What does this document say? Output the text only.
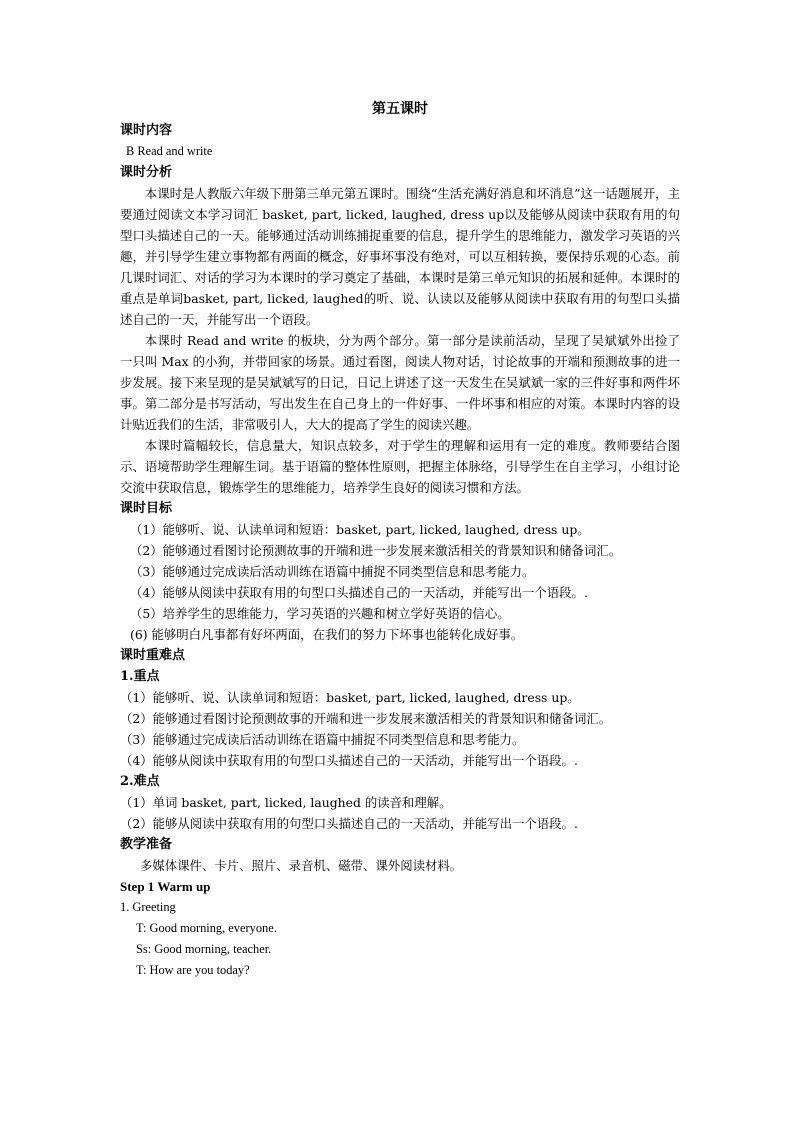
第五课时
课时内容
B Read and write
课时分析

本课时是人教版六年级下册第三单元第五课时。围绕“生活充满好消息和坏消息”这一话题展开，主要通过阅读文本学习词汇 basket, part, licked, laughed, dress up以及能够从阅读中获取有用的句型口头描述自己的一天。能够通过活动训练捕捉重要的信息，提升学生的思维能力，激发学习英语的兴趣，并引导学生建立事物都有两面的概念，好事坏事没有绝对，可以互相转换，要保持乐观的心态。前几课时词汇、对话的学习为本课时的学习奠定了基础，本课时是第三单元知识的拓展和延伸。本课时的重点是单词basket, part, licked, laughed的听、说、认读以及能够从阅读中获取有用的句型口头描述自己的一天，并能写出一个语段。

本课时 Read and write 的板块，分为两个部分。第一部分是读前活动，呈现了吴斌斌外出捡了一只叫 Max 的小狗，并带回家的场景。通过看图，阅读人物对话，讨论故事的开端和预测故事的进一步发展。接下来呈现的是吴斌斌写的日记，日记上讲述了这一天发生在吴斌斌一家的三件好事和两件坏事。第二部分是书写活动，写出发生在自己身上的一件好事、一件坏事和相应的对策。本课时内容的设计贴近我们的生活，非常吸引人，大大的提高了学生的阅读兴趣。

本课时篇幅较长，信息量大，知识点较多，对于学生的理解和运用有一定的难度。教师要结合图示、语境帮助学生理解生词。基于语篇的整体性原则，把握主体脉络，引导学生在自主学习，小组讨论交流中获取信息，锻炼学生的思维能力，培养学生良好的阅读习惯和方法。

课时目标
（1）能够听、说、认读单词和短语：basket, part, licked, laughed, dress up。
（2）能够通过看图讨论预测故事的开端和进一步发展来激活相关的背景知识和储备词汇。
（3）能够通过完成读后活动训练在语篇中捕捉不同类型信息和思考能力。
（4）能够从阅读中获取有用的句型口头描述自己的一天活动，并能写出一个语段。.
（5）培养学生的思维能力，学习英语的兴趣和树立学好英语的信心。
(6) 能够明白凡事都有好坏两面，在我们的努力下坏事也能转化成好事。
课时重难点
1.重点
（1）能够听、说、认读单词和短语：basket, part, licked, laughed, dress up。
（2）能够通过看图讨论预测故事的开端和进一步发展来激活相关的背景知识和储备词汇。
（3）能够通过完成读后活动训练在语篇中捕捉不同类型信息和思考能力。
（4）能够从阅读中获取有用的句型口头描述自己的一天活动，并能写出一个语段。.
2.难点
（1）单词 basket, part, licked, laughed 的读音和理解。
（2）能够从阅读中获取有用的句型口头描述自己的一天活动，并能写出一个语段。.
教学准备
多媒体课件、卡片、照片、录音机、磁带、课外阅读材料。
Step 1 Warm up
1. Greeting
T: Good morning, everyone.
Ss: Good morning, teacher.
T: How are you today?
